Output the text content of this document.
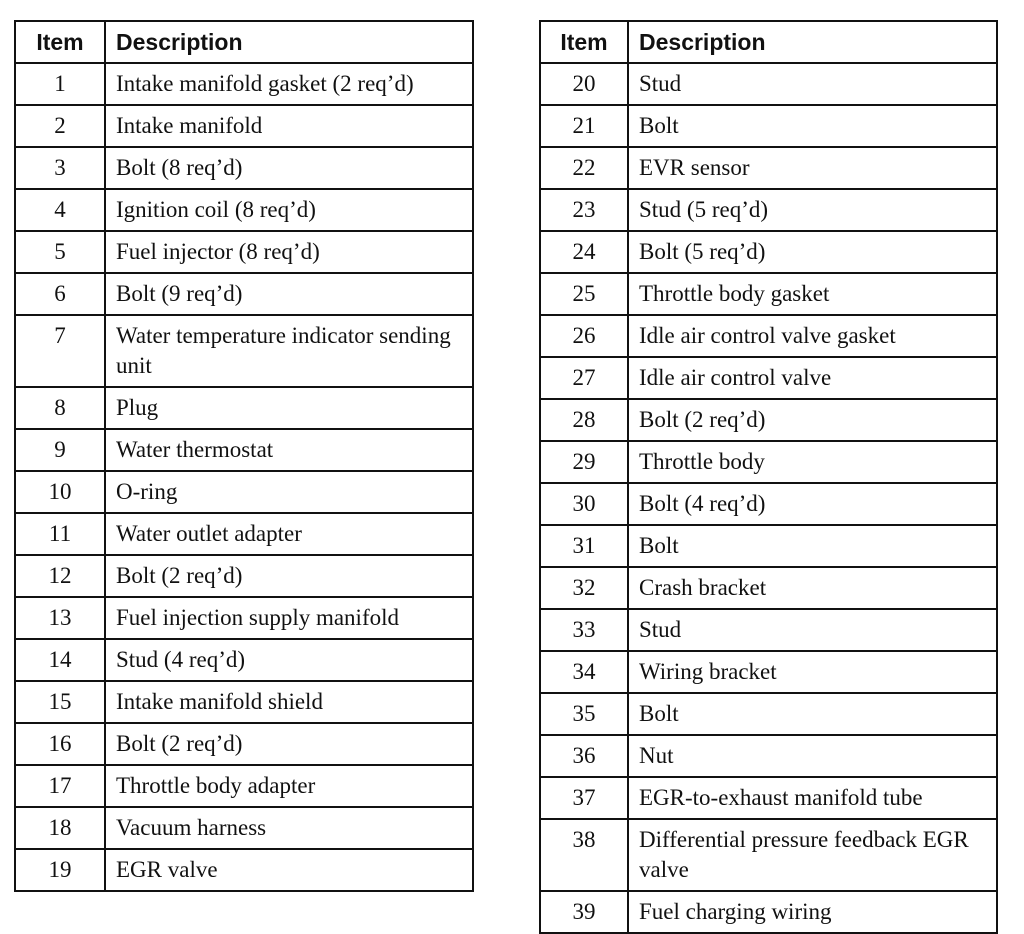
Item	Description
1	Intake manifold gasket (2 req’d)
2	Intake manifold
3	Bolt (8 req’d)
4	Ignition coil (8 req’d)
5	Fuel injector (8 req’d)
6	Bolt (9 req’d)
7	Water temperature indicator sending unit
8	Plug
9	Water thermostat
10	O-ring
11	Water outlet adapter
12	Bolt (2 req’d)
13	Fuel injection supply manifold
14	Stud (4 req’d)
15	Intake manifold shield
16	Bolt (2 req’d)
17	Throttle body adapter
18	Vacuum harness
19	EGR valve
Item	Description
20	Stud
21	Bolt
22	EVR sensor
23	Stud (5 req’d)
24	Bolt (5 req’d)
25	Throttle body gasket
26	Idle air control valve gasket
27	Idle air control valve
28	Bolt (2 req’d)
29	Throttle body
30	Bolt (4 req’d)
31	Bolt
32	Crash bracket
33	Stud
34	Wiring bracket
35	Bolt
36	Nut
37	EGR-to-exhaust manifold tube
38	Differential pressure feedback EGR valve
39	Fuel charging wiring
